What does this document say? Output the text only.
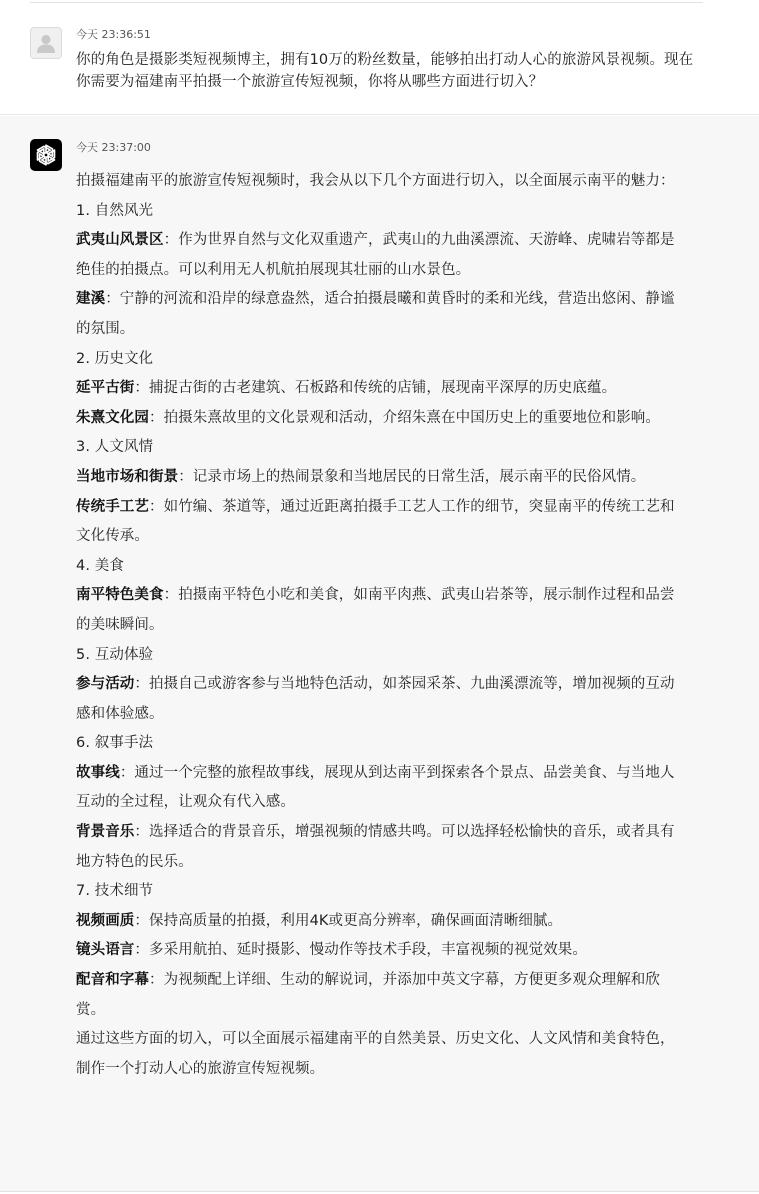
今天 23:36:51
你的角色是摄影类短视频博主，拥有10万的粉丝数量，能够拍出打动人心的旅游风景视频。现在你需要为福建南平拍摄一个旅游宣传短视频，你将从哪些方面进行切入？
今天 23:37:00

拍摄福建南平的旅游宣传短视频时，我会从以下几个方面进行切入，以全面展示南平的魅力：

1. 自然风光

武夷山风景区：作为世界自然与文化双重遗产，武夷山的九曲溪漂流、天游峰、虎啸岩等都是绝佳的拍摄点。可以利用无人机航拍展现其壮丽的山水景色。

建溪：宁静的河流和沿岸的绿意盎然，适合拍摄晨曦和黄昏时的柔和光线，营造出悠闲、静谧的氛围。

2. 历史文化

延平古街：捕捉古街的古老建筑、石板路和传统的店铺，展现南平深厚的历史底蕴。

朱熹文化园：拍摄朱熹故里的文化景观和活动，介绍朱熹在中国历史上的重要地位和影响。

3. 人文风情

当地市场和街景：记录市场上的热闹景象和当地居民的日常生活，展示南平的民俗风情。

传统手工艺：如竹编、茶道等，通过近距离拍摄手工艺人工作的细节，突显南平的传统工艺和文化传承。

4. 美食

南平特色美食：拍摄南平特色小吃和美食，如南平肉燕、武夷山岩茶等，展示制作过程和品尝的美味瞬间。

5. 互动体验

参与活动：拍摄自己或游客参与当地特色活动，如茶园采茶、九曲溪漂流等，增加视频的互动感和体验感。

6. 叙事手法

故事线：通过一个完整的旅程故事线，展现从到达南平到探索各个景点、品尝美食、与当地人互动的全过程，让观众有代入感。

背景音乐：选择适合的背景音乐，增强视频的情感共鸣。可以选择轻松愉快的音乐，或者具有地方特色的民乐。

7. 技术细节

视频画质：保持高质量的拍摄，利用4K或更高分辨率，确保画面清晰细腻。

镜头语言：多采用航拍、延时摄影、慢动作等技术手段，丰富视频的视觉效果。

配音和字幕：为视频配上详细、生动的解说词，并添加中英文字幕，方便更多观众理解和欣赏。

通过这些方面的切入，可以全面展示福建南平的自然美景、历史文化、人文风情和美食特色，制作一个打动人心的旅游宣传短视频。
